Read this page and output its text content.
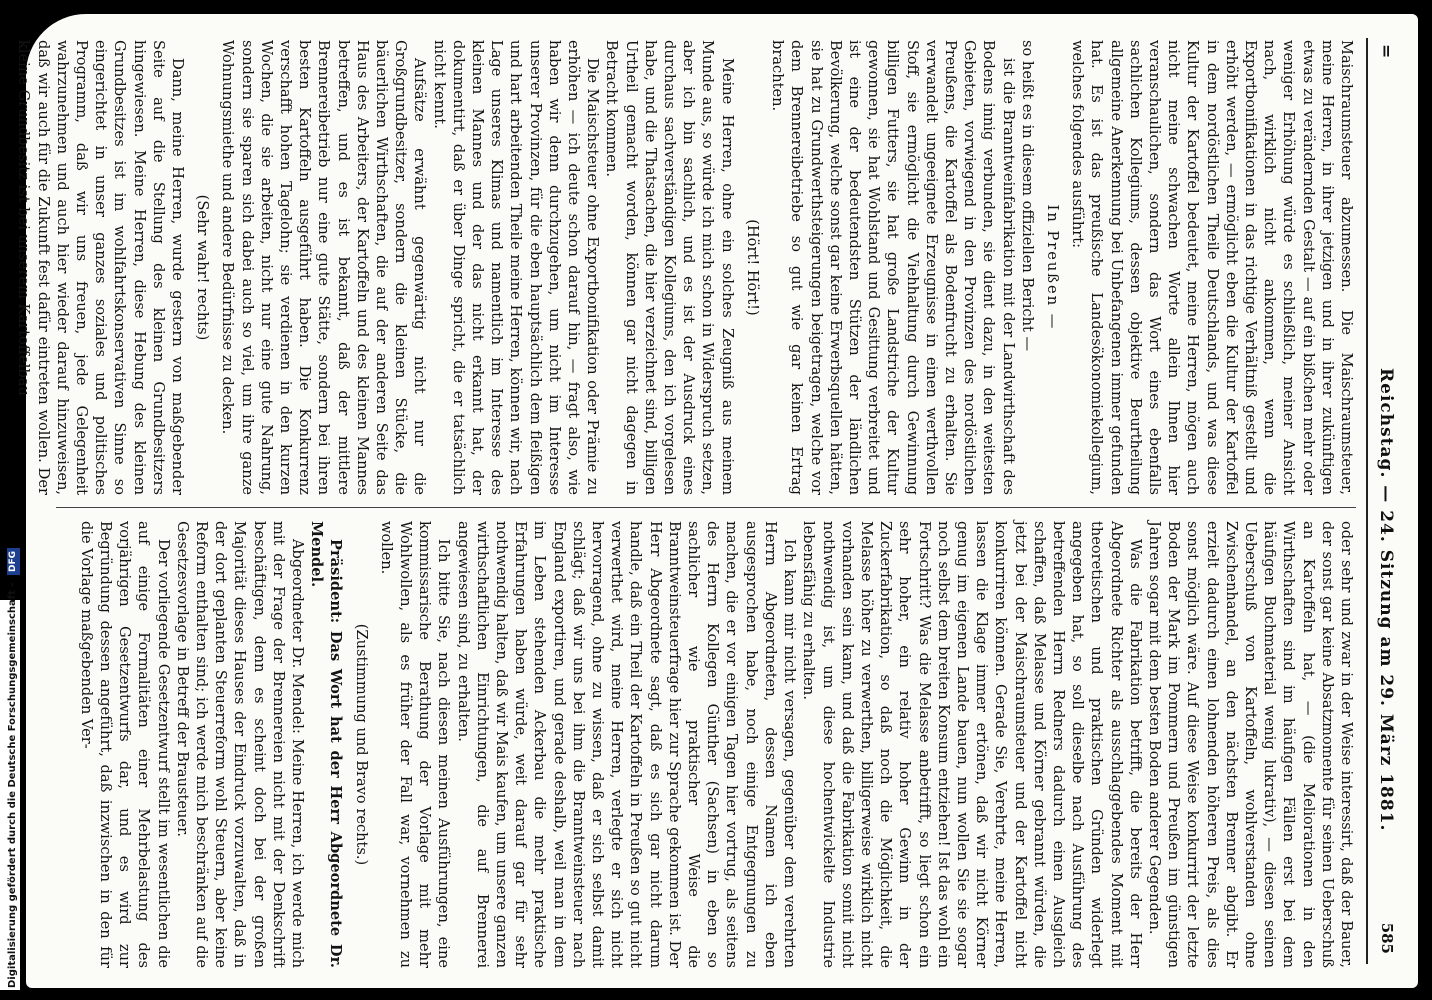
=
Reichstag. — 24. Sitzung am 29. März 1881.
585

Maischraumsteuer abzumessen. Die Maischraumsteuer, meine Herren, in ihrer jetzigen und in ihrer zukünftigen etwas zu verändernden Gestalt — auf ein bißchen mehr oder weniger Erhöhung würde es schließlich, meiner Ansicht nach, wirklich nicht ankommen, wenn die Exportbonifikationen in das richtige Verhältniß gestellt und erhöht werden, — ermöglicht eben die Kultur der Kartoffel in dem nordöstlichen Theile Deutschlands, und was diese Kultur der Kartoffel bedeutet, meine Herren, mögen auch nicht meine schwachen Worte allein Ihnen hier veranschaulichen, sondern das Wort eines ebenfalls sachlichen Kollegiums, dessen objektive Beurtheilung allgemeine Anerkennung bei Unbefangenen immer gefunden hat. Es ist das preußische Landesökonomiekollegium, welches folgendes ausführt:

In Preußen —

so heißt es in diesem offiziellen Bericht —

ist die Branntweinfabrikation mit der Landwirthschaft des Bodens innig verbunden, sie dient dazu, in den weitesten Gebieten, vorwiegend in den Provinzen des nordöstlichen Preußens, die Kartoffel als Bodenfrucht zu erhalten. Sie verwandelt ungeeignete Erzeugnisse in einen werthvollen Stoff, sie ermöglicht die Viehhaltung durch Gewinnung billigen Futters, sie hat große Landstriche der Kultur gewonnen, sie hat Wohlstand und Gesittung verbreitet und ist eine der bedeutendsten Stützen der ländlichen Bevölkerung, welche sonst gar keine Erwerbsquellen hätten, sie hat zu Grundwerthsteigerungen beigetragen, welche vor dem Brennereibetriebe so gut wie gar keinen Ertrag brachten.

(Hört! Hört!)

Meine Herren, ohne ein solches Zeugniß aus meinem Munde aus, so würde ich mich schon in Widerspruch setzen, aber ich bin sachlich, und es ist der Ausdruck eines durchaus sachverständigen Kollegiums, den ich vorgelesen habe, und die Thatsachen, die hier verzeichnet sind, billigen Urtheil gemacht worden, können gar nicht dagegen in Betracht kommen.

Die Maischsteuer ohne Exportbonifikation oder Prämie zu erhöhen — ich deute schon darauf hin, — fragt also, wie haben wir denn durchzugehen, um nicht im Interesse unserer Provinzen, für die eben hauptsächlich dem fleißigen und hart arbeitenden Theile meine Herren, können wir, nach Lage unseres Klimas und namentlich im Interesse des kleinen Mannes und der das nicht erkannt hat, der dokumentirt, daß er über Dinge spricht, die er tatsächlich nicht kennt.

Aufsätze erwähnt gegenwärtig nicht nur die Großgrundbesitzer, sondern die kleinen Stücke, die bäuerlichen Wirthschaften, die auf der anderen Seite das Haus des Arbeiters, der Kartoffeln und des kleinen Mannes betreffen, und es ist bekannt, daß der mittlere Brennereibetrieb nur eine gute Stätte, sondern bei ihren besten Kartoffeln ausgeführt haben. Die Konkurrenz verschafft hohen Tagelohn; sie verdienen in den kurzen Wochen, die sie arbeiten, nicht nur eine gute Nahrung, sondern sie sparen sich dabei auch so viel, um ihre ganze Wohnungsmiethe und andere Bedürfnisse zu decken.

(Sehr wahr! rechts)

Dann, meine Herren, wurde gestern von maßgebender Seite auf die Stellung des kleinen Grundbesitzers hingewiesen. Meine Herren, diese Hebung des kleinen Grundbesitzes ist im wohlfahrtskonservativen Sinne so eingerichtet in unser ganzes soziales und politisches Programm, daß wir uns freuen, jede Gelegenheit wahrzunehmen und auch hier wieder darauf hinzuweisen, daß wir auch für die Zukunft fest dafür eintreten wollen. Der kleine Grundbesitz ist bei unserem Kartoffelbau

oder sehr und zwar in der Weise interessirt, daß der Bauer, der sonst gar keine Absatzmomente für seinen Ueberschuß an Kartoffeln hat, — (die Meliorationen in den Wirthschaften sind im häufigen Fällen erst bei dem häufigen Buchmaterial wenig lukrativ), — diesen seinen Ueberschuß von Kartoffeln, wohlverstanden ohne Zwischenhandel, an den nächsten Brenner abgibt. Er erzielt dadurch einen lohnenden höheren Preis, als dies sonst möglich wäre. Auf diese Weise konkurrirt der letzte Boden der Mark im Pommern und Preußen im günstigen Jahren sogar mit dem besten Boden anderer Gegenden.

Was die Fabrikation betrifft, die bereits der Herr Abgeordnete Richter als ausschlaggebendes Moment mit theoretischen und praktischen Gründen widerlegt angegeben hat, so soll dieselbe nach Ausführung des betreffenden Herrn Redners dadurch einen Ausgleich schaffen, daß Melasse und Körner gebrannt würden, die jetzt bei der Maischraumsteuer und der Kartoffel nicht konkurriren können. Gerade Sie, Verehrte, meine Herren, lassen die Klage immer ertönen, daß wir nicht Körner genug im eigenen Lande bauen, nun wollen Sie sie sogar noch selbst dem breiten Konsum entziehen! Ist das wohl ein Fortschritt? Was die Melasse anbetrifft, so liegt schon ein sehr hoher, ein relativ hoher Gewinn in der Zuckerfabrikation, so daß noch die Möglichkeit, die Melasse höher zu verwerthen, billigerweise wirklich nicht vorhanden sein kann, und daß die Fabrikation somit nicht nothwendig ist, um diese hochentwickelte Industrie lebensfähig zu erhalten.

Ich kann mir nicht versagen, gegenüber dem verehrten Herrn Abgeordneten, dessen Namen ich eben ausgesprochen habe, noch einige Entgegnungen zu machen, die er vor einigen Tagen hier vortrug, als seitens des Herrn Kollegen Günther (Sachsen) in eben so sachlicher wie praktischer Weise die Branntweinsteuerfrage hier zur Sprache gekommen ist. Der Herr Abgeordnete sagt, daß es sich gar nicht darum handle, daß ein Theil der Kartoffeln in Preußen so gut nicht verwerthet wird, meine Herren, verlegte er sich nicht hervorragend, ohne zu wissen, daß er sich selbst damit schlägt; daß wir uns bei ihm die Branntweinsteuer nach England exportiren, und gerade deshalb, weil man in dem im Leben stehenden Ackerbau die mehr praktische Erfahrungen haben würde, weit darauf gar für sehr nothwendig halten, daß wir Mais kaufen, um unsere ganzen wirthschaftlichen Einrichtungen, die auf Brennerei angewiesen sind, zu erhalten.

Ich bitte Sie, nach diesen meinen Ausführungen, eine kommissarische Berathung der Vorlage mit mehr Wohlwollen, als es früher der Fall war, vornehmen zu wollen.

(Zustimmung und Bravo rechts.)

Präsident: Das Wort hat der Herr Abgeordnete Dr. Mendel.

Abgeordneter Dr. Mendel: Meine Herren, ich werde mich mit der Frage der Brennereien nicht mit der Denkschrift beschäftigen, denn es scheint doch bei der großen Majorität dieses Hauses der Eindruck vorzuwalten, daß in der dort geplanten Steuerreform wohl Steuern, aber keine Reform enthalten sind; ich werde mich beschränken auf die Gesetzesvorlage in Betreff der Brausteuer.

Der vorliegende Gesetzentwurf stellt im wesentlichen die auf einige Formalitäten einer Mehrbelastung des vorjährigen Gesetzentwurfs dar, und es wird zur Begründung dessen angeführt, daß inzwischen in den für die Vorlage maßgebenden Ver-

Digitalisierung gefördert durch die Deutsche Forschungsgemeinschaft - DFG
